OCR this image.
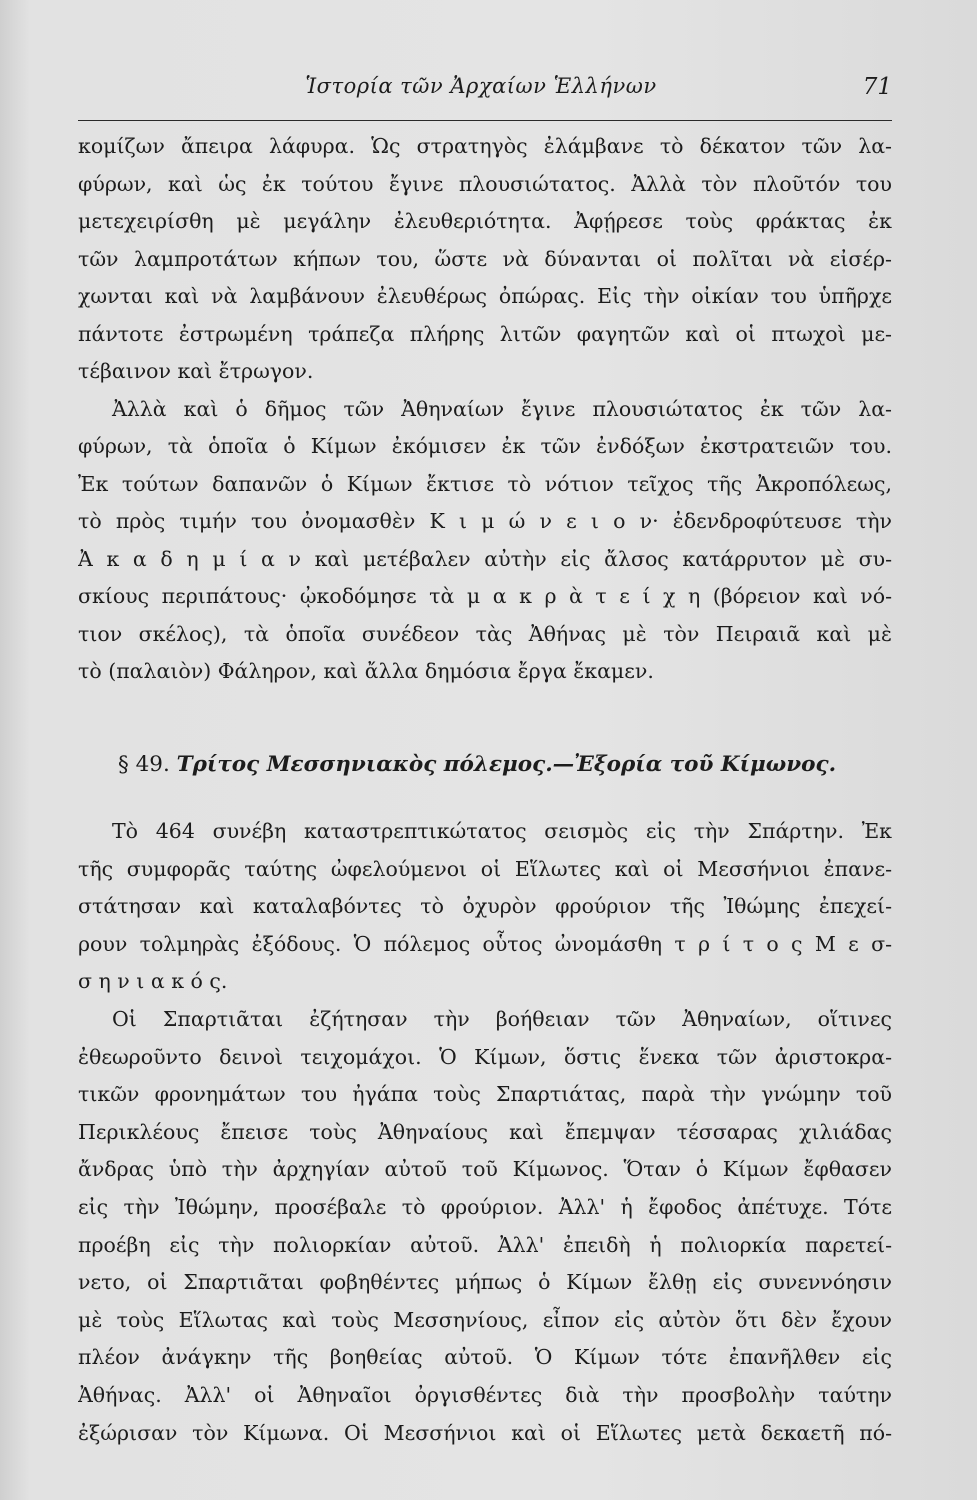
Ἱστορία τῶν Ἀρχαίων Ἑλλήνων	71
κομίζων ἄπειρα λάφυρα. Ὡς στρατηγὸς ἐλάμβανε τὸ δέκατον τῶν λα-
φύρων, καὶ ὡς ἐκ τούτου ἔγινε πλουσιώτατος. Ἀλλὰ τὸν πλοῦτόν του
μετεχειρίσθη μὲ μεγάλην ἐλευθεριότητα. Ἀφῄρεσε τοὺς φράκτας ἐκ
τῶν λαμπροτάτων κήπων του, ὥστε νὰ δύνανται οἱ πολῖται νὰ εἰσέρ-
χωνται καὶ νὰ λαμβάνουν ἐλευθέρως ὀπώρας. Εἰς τὴν οἰκίαν του ὑπῆρχε
πάντοτε ἐστρωμένη τράπεζα πλήρης λιτῶν φαγητῶν καὶ οἱ πτωχοὶ με-
τέβαινον καὶ ἔτρωγον.
Ἀλλὰ καὶ ὁ δῆμος τῶν Ἀθηναίων ἔγινε πλουσιώτατος ἐκ τῶν λα-
φύρων, τὰ ὁποῖα ὁ Κίμων ἐκόμισεν ἐκ τῶν ἐνδόξων ἐκστρατειῶν του.
Ἐκ τούτων δαπανῶν ὁ Κίμων ἔκτισε τὸ νότιον τεῖχος τῆς Ἀκροπόλεως,
τὸ πρὸς τιμήν του ὀνομασθὲν Κ ι μ ώ ν ε ι ο ν· ἐδενδροφύτευσε τὴν
Ἀ κ α δ η μ ί α ν καὶ μετέβαλεν αὐτὴν εἰς ἄλσος κατάρρυτον μὲ συ-
σκίους περιπάτους· ᾠκοδόμησε τὰ μ α κ ρ ὰ τ ε ί χ η (βόρειον καὶ νό-
τιον σκέλος), τὰ ὁποῖα συνέδεον τὰς Ἀθήνας μὲ τὸν Πειραιᾶ καὶ μὲ
τὸ (παλαιὸν) Φάληρον, καὶ ἄλλα δημόσια ἔργα ἔκαμεν.
§ 49. Τρίτος Μεσσηνιακὸς πόλεμος.—Ἐξορία τοῦ Κίμωνος.
Τὸ 464 συνέβη καταστρεπτικώτατος σεισμὸς εἰς τὴν Σπάρτην. Ἐκ
τῆς συμφορᾶς ταύτης ὠφελούμενοι οἱ Εἵλωτες καὶ οἱ Μεσσήνιοι ἐπανε-
στάτησαν καὶ καταλαβόντες τὸ ὀχυρὸν φρούριον τῆς Ἰθώμης ἐπεχεί-
ρουν τολμηρὰς ἐξόδους. Ὁ πόλεμος οὗτος ὠνομάσθη τ ρ ί τ ο ς Μ ε σ-
σ η ν ι α κ ό ς.
Οἱ Σπαρτιᾶται ἐζήτησαν τὴν βοήθειαν τῶν Ἀθηναίων, οἵτινες
ἐθεωροῦντο δεινοὶ τειχομάχοι. Ὁ Κίμων, ὅστις ἕνεκα τῶν ἀριστοκρα-
τικῶν φρονημάτων του ἠγάπα τοὺς Σπαρτιάτας, παρὰ τὴν γνώμην τοῦ
Περικλέους ἔπεισε τοὺς Ἀθηναίους καὶ ἔπεμψαν τέσσαρας χιλιάδας
ἄνδρας ὑπὸ τὴν ἀρχηγίαν αὐτοῦ τοῦ Κίμωνος. Ὅταν ὁ Κίμων ἔφθασεν
εἰς τὴν Ἰθώμην, προσέβαλε τὸ φρούριον. Ἀλλ' ἡ ἔφοδος ἀπέτυχε. Τότε
προέβη εἰς τὴν πολιορκίαν αὐτοῦ. Ἀλλ' ἐπειδὴ ἡ πολιορκία παρετεί-
νετο, οἱ Σπαρτιᾶται φοβηθέντες μήπως ὁ Κίμων ἔλθῃ εἰς συνεννόησιν
μὲ τοὺς Εἵλωτας καὶ τοὺς Μεσσηνίους, εἶπον εἰς αὐτὸν ὅτι δὲν ἔχουν
πλέον ἀνάγκην τῆς βοηθείας αὐτοῦ. Ὁ Κίμων τότε ἐπανῆλθεν εἰς
Ἀθήνας. Ἀλλ' οἱ Ἀθηναῖοι ὀργισθέντες διὰ τὴν προσβολὴν ταύτην
ἐξώρισαν τὸν Κίμωνα. Οἱ Μεσσήνιοι καὶ οἱ Εἵλωτες μετὰ δεκαετῆ πό-
